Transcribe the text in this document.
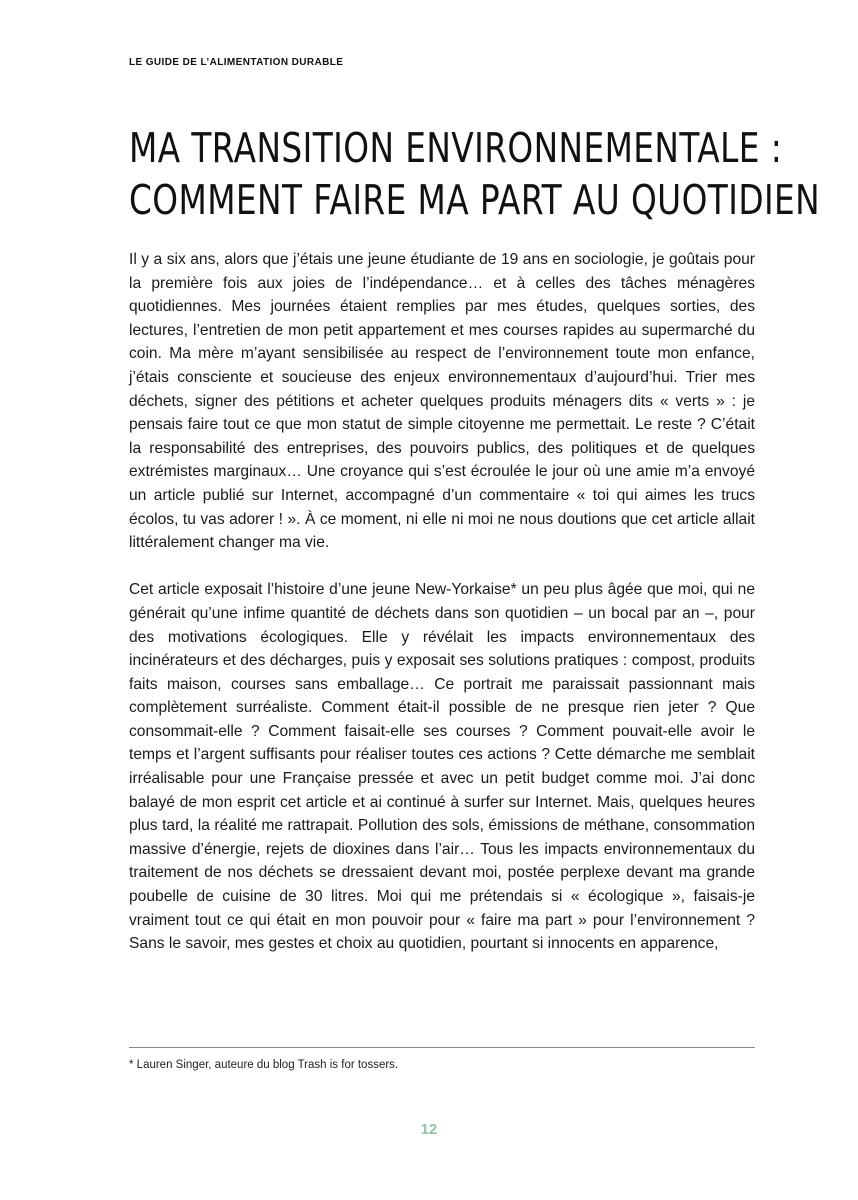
LE GUIDE DE L’ALIMENTATION DURABLE
MA TRANSITION ENVIRONNEMENTALE :
COMMENT FAIRE MA PART AU QUOTIDIEN

Il y a six ans, alors que j’étais une jeune étudiante de 19 ans en sociologie, je goûtais pour la première fois aux joies de l’indépendance… et à celles des tâches ménagères quotidiennes. Mes journées étaient remplies par mes études, quelques sorties, des lectures, l’entretien de mon petit appartement et mes courses rapides au supermarché du coin. Ma mère m’ayant sensibilisée au respect de l’environnement toute mon enfance, j’étais consciente et soucieuse des enjeux environnementaux d’aujourd’hui. Trier mes déchets, signer des pétitions et acheter quelques produits ménagers dits « verts » : je pensais faire tout ce que mon statut de simple citoyenne me permettait. Le reste ? C’était la responsabilité des entreprises, des pouvoirs publics, des politiques et de quelques extrémistes marginaux… Une croyance qui s’est écroulée le jour où une amie m’a envoyé un article publié sur Internet, accompagné d’un commentaire « toi qui aimes les trucs écolos, tu vas adorer ! ». À ce moment, ni elle ni moi ne nous doutions que cet article allait littéralement changer ma vie.

Cet article exposait l’histoire d’une jeune New-Yorkaise* un peu plus âgée que moi, qui ne générait qu’une infime quantité de déchets dans son quotidien – un bocal par an –, pour des motivations écologiques. Elle y révélait les impacts environnementaux des incinérateurs et des décharges, puis y exposait ses solutions pratiques : compost, produits faits maison, courses sans emballage… Ce portrait me paraissait passionnant mais complètement surréaliste. Comment était-il possible de ne presque rien jeter ? Que consommait-elle ? Comment faisait-elle ses courses ? Comment pouvait-elle avoir le temps et l’argent suffisants pour réaliser toutes ces actions ? Cette démarche me semblait irréalisable pour une Française pressée et avec un petit budget comme moi. J’ai donc balayé de mon esprit cet article et ai continué à surfer sur Internet. Mais, quelques heures plus tard, la réalité me rattrapait. Pollution des sols, émissions de méthane, consommation massive d’énergie, rejets de dioxines dans l’air… Tous les impacts environnementaux du traitement de nos déchets se dressaient devant moi, postée perplexe devant ma grande poubelle de cuisine de 30 litres. Moi qui me prétendais si « écologique », faisais-je vraiment tout ce qui était en mon pouvoir pour « faire ma part » pour l’environnement ? Sans le savoir, mes gestes et choix au quotidien, pourtant si innocents en apparence,

* Lauren Singer, auteure du blog Trash is for tossers.
12
